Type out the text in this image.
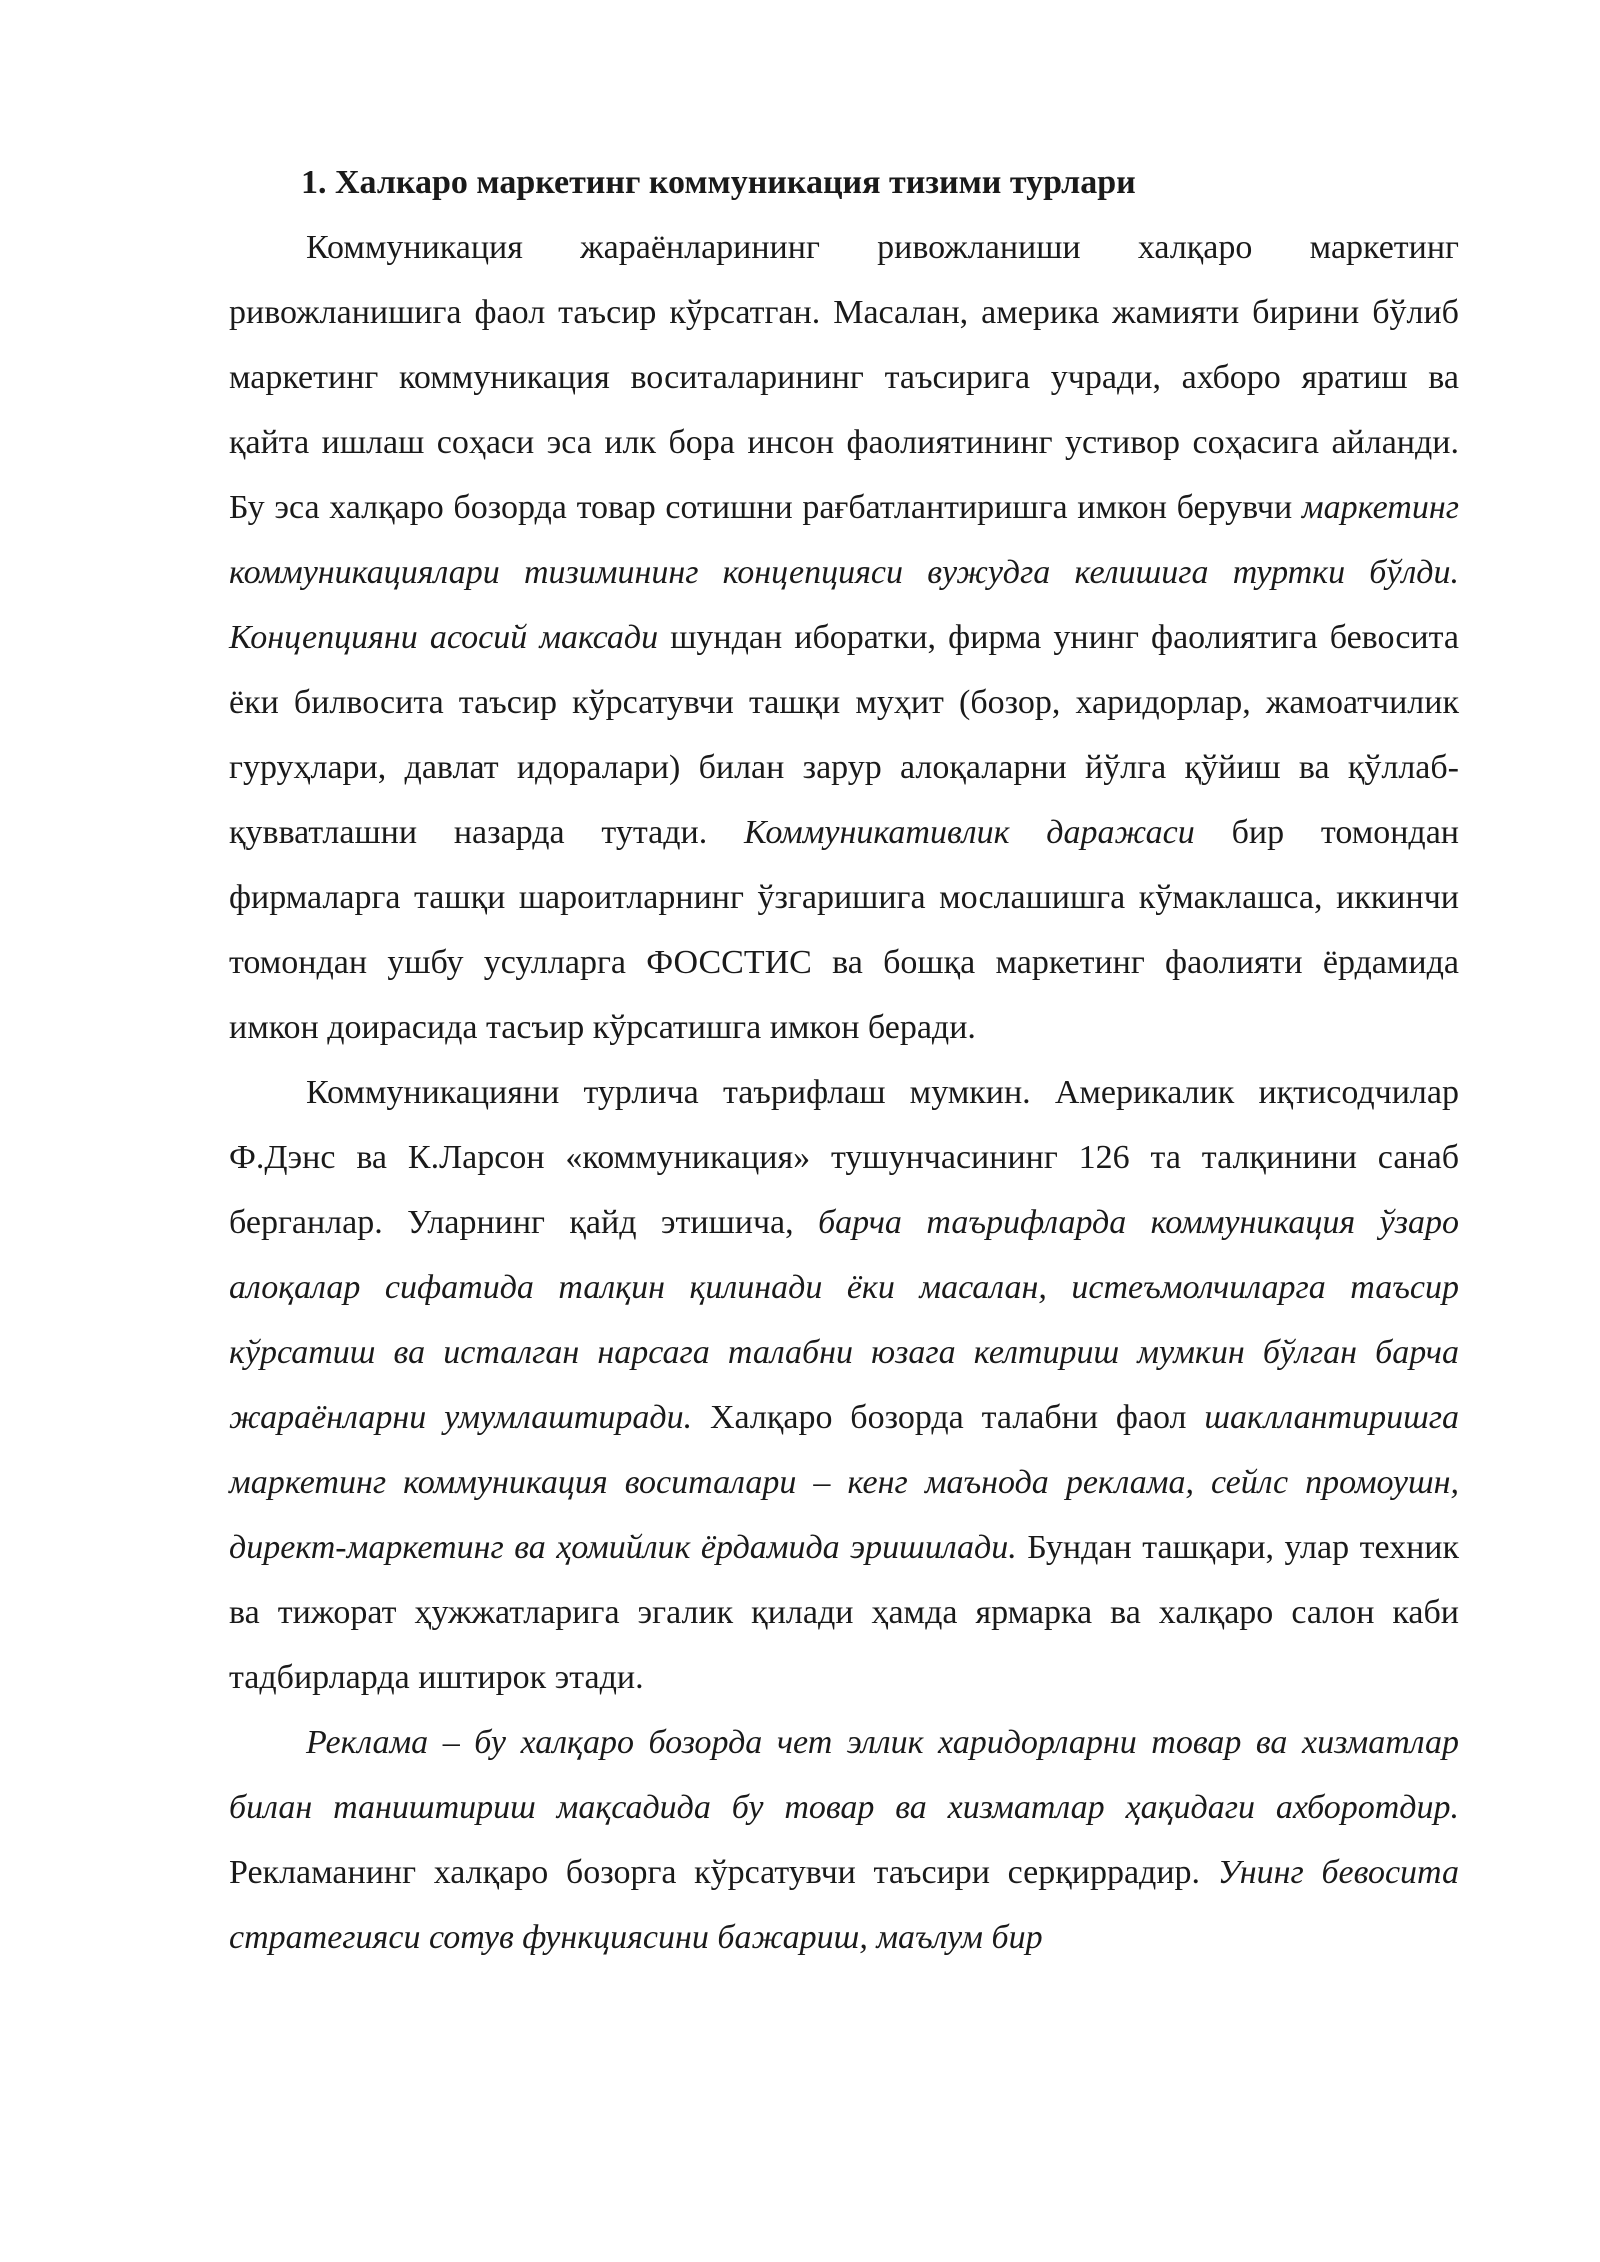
1. Халкаро маркетинг коммуникация тизими турлари

Коммуникация жараёнларининг ривожланиши халқаро маркетинг ривожланишига фаол таъсир кўрсатган. Масалан, америка жамияти бирини бўлиб маркетинг коммуникация воситаларининг таъсирига учради, ахборо яратиш ва қайта ишлаш соҳаси эса илк бора инсон фаолиятининг устивор соҳасига айланди. Бу эса халқаро бозорда товар сотишни рағбатлантиришга имкон берувчи маркетинг коммуникациялари тизимининг концепцияси вужудга келишига туртки бўлди. Концепцияни асосий максади шундан иборатки, фирма унинг фаолиятига бевосита ёки билвосита таъсир кўрсатувчи ташқи муҳит (бозор, харидорлар, жамоатчилик гуруҳлари, давлат идоралари) билан зарур алоқаларни йўлга қўйиш ва қўллаб-қувватлашни назарда тутади. Коммуникативлик даражаси бир томондан фирмаларга ташқи шароитларнинг ўзгаришига мослашишга кўмаклашса, иккинчи томондан ушбу усулларга ФОССТИС ва бошқа маркетинг фаолияти ёрдамида имкон доирасида тасъир кўрсатишга имкон беради.

Коммуникацияни турлича таърифлаш мумкин. Америкалик иқтисодчилар Ф.Дэнс ва К.Ларсон «коммуникация» тушунчасининг 126 та талқинини санаб берганлар. Уларнинг қайд этишича, барча таърифларда коммуникация ўзаро алоқалар сифатида талқин қилинади ёки масалан, истеъмолчиларга таъсир кўрсатиш ва исталган нарсага талабни юзага келтириш мумкин бўлган барча жараёнларни умумлаштиради. Халқаро бозорда талабни фаол шакллантиришга маркетинг коммуникация воситалари – кенг маънода реклама, сейлс промоушн, директ-маркетинг ва ҳомийлик ёрдамида эришилади. Бундан ташқари, улар техник ва тижорат ҳужжатларига эгалик қилади ҳамда ярмарка ва халқаро салон каби тадбирларда иштирок этади.

Реклама – бу халқаро бозорда чет эллик харидорларни товар ва хизматлар билан таништириш мақсадида бу товар ва хизматлар ҳақидаги ахборотдир. Рекламанинг халқаро бозорга кўрсатувчи таъсири серқиррадир. Унинг бевосита стратегияси сотув функциясини бажариш, маълум бир
